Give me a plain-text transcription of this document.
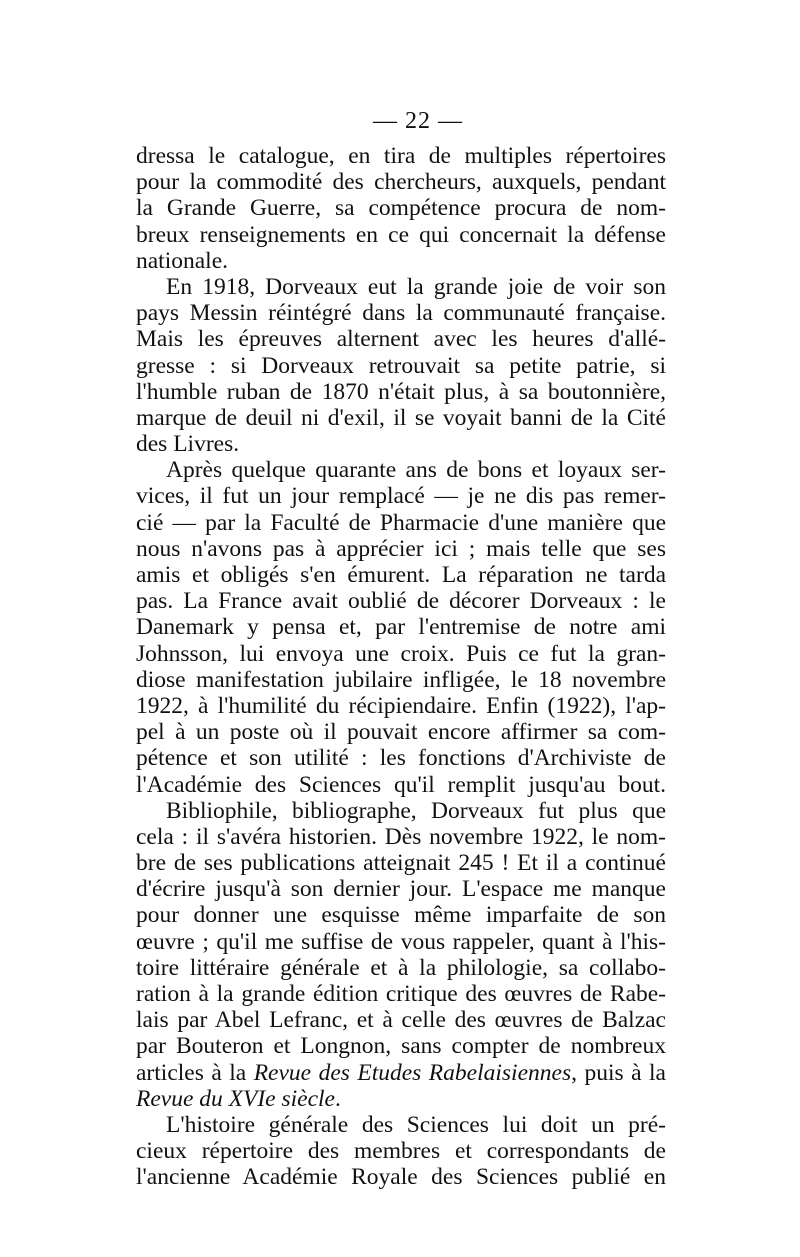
— 22 —
dressa le catalogue, en tira de multiples répertoires
pour la commodité des chercheurs, auxquels, pendant
la Grande Guerre, sa compétence procura de nom-
breux renseignements en ce qui concernait la défense
nationale.
En 1918, Dorveaux eut la grande joie de voir son
pays Messin réintégré dans la communauté française.
Mais les épreuves alternent avec les heures d'allé-
gresse : si Dorveaux retrouvait sa petite patrie, si
l'humble ruban de 1870 n'était plus, à sa boutonnière,
marque de deuil ni d'exil, il se voyait banni de la Cité
des Livres.
Après quelque quarante ans de bons et loyaux ser-
vices, il fut un jour remplacé — je ne dis pas remer-
cié — par la Faculté de Pharmacie d'une manière que
nous n'avons pas à apprécier ici ; mais telle que ses
amis et obligés s'en émurent. La réparation ne tarda
pas. La France avait oublié de décorer Dorveaux : le
Danemark y pensa et, par l'entremise de notre ami
Johnsson, lui envoya une croix. Puis ce fut la gran-
diose manifestation jubilaire infligée, le 18 novembre
1922, à l'humilité du récipiendaire. Enfin (1922), l'ap-
pel à un poste où il pouvait encore affirmer sa com-
pétence et son utilité : les fonctions d'Archiviste de
l'Académie des Sciences qu'il remplit jusqu'au bout.
Bibliophile, bibliographe, Dorveaux fut plus que
cela : il s'avéra historien. Dès novembre 1922, le nom-
bre de ses publications atteignait 245 ! Et il a continué
d'écrire jusqu'à son dernier jour. L'espace me manque
pour donner une esquisse même imparfaite de son
œuvre ; qu'il me suffise de vous rappeler, quant à l'his-
toire littéraire générale et à la philologie, sa collabo-
ration à la grande édition critique des œuvres de Rabe-
lais par Abel Lefranc, et à celle des œuvres de Balzac
par Bouteron et Longnon, sans compter de nombreux
articles à la Revue des Etudes Rabelaisiennes, puis à la
Revue du XVIe siècle.
L'histoire générale des Sciences lui doit un pré-
cieux répertoire des membres et correspondants de
l'ancienne Académie Royale des Sciences publié en
